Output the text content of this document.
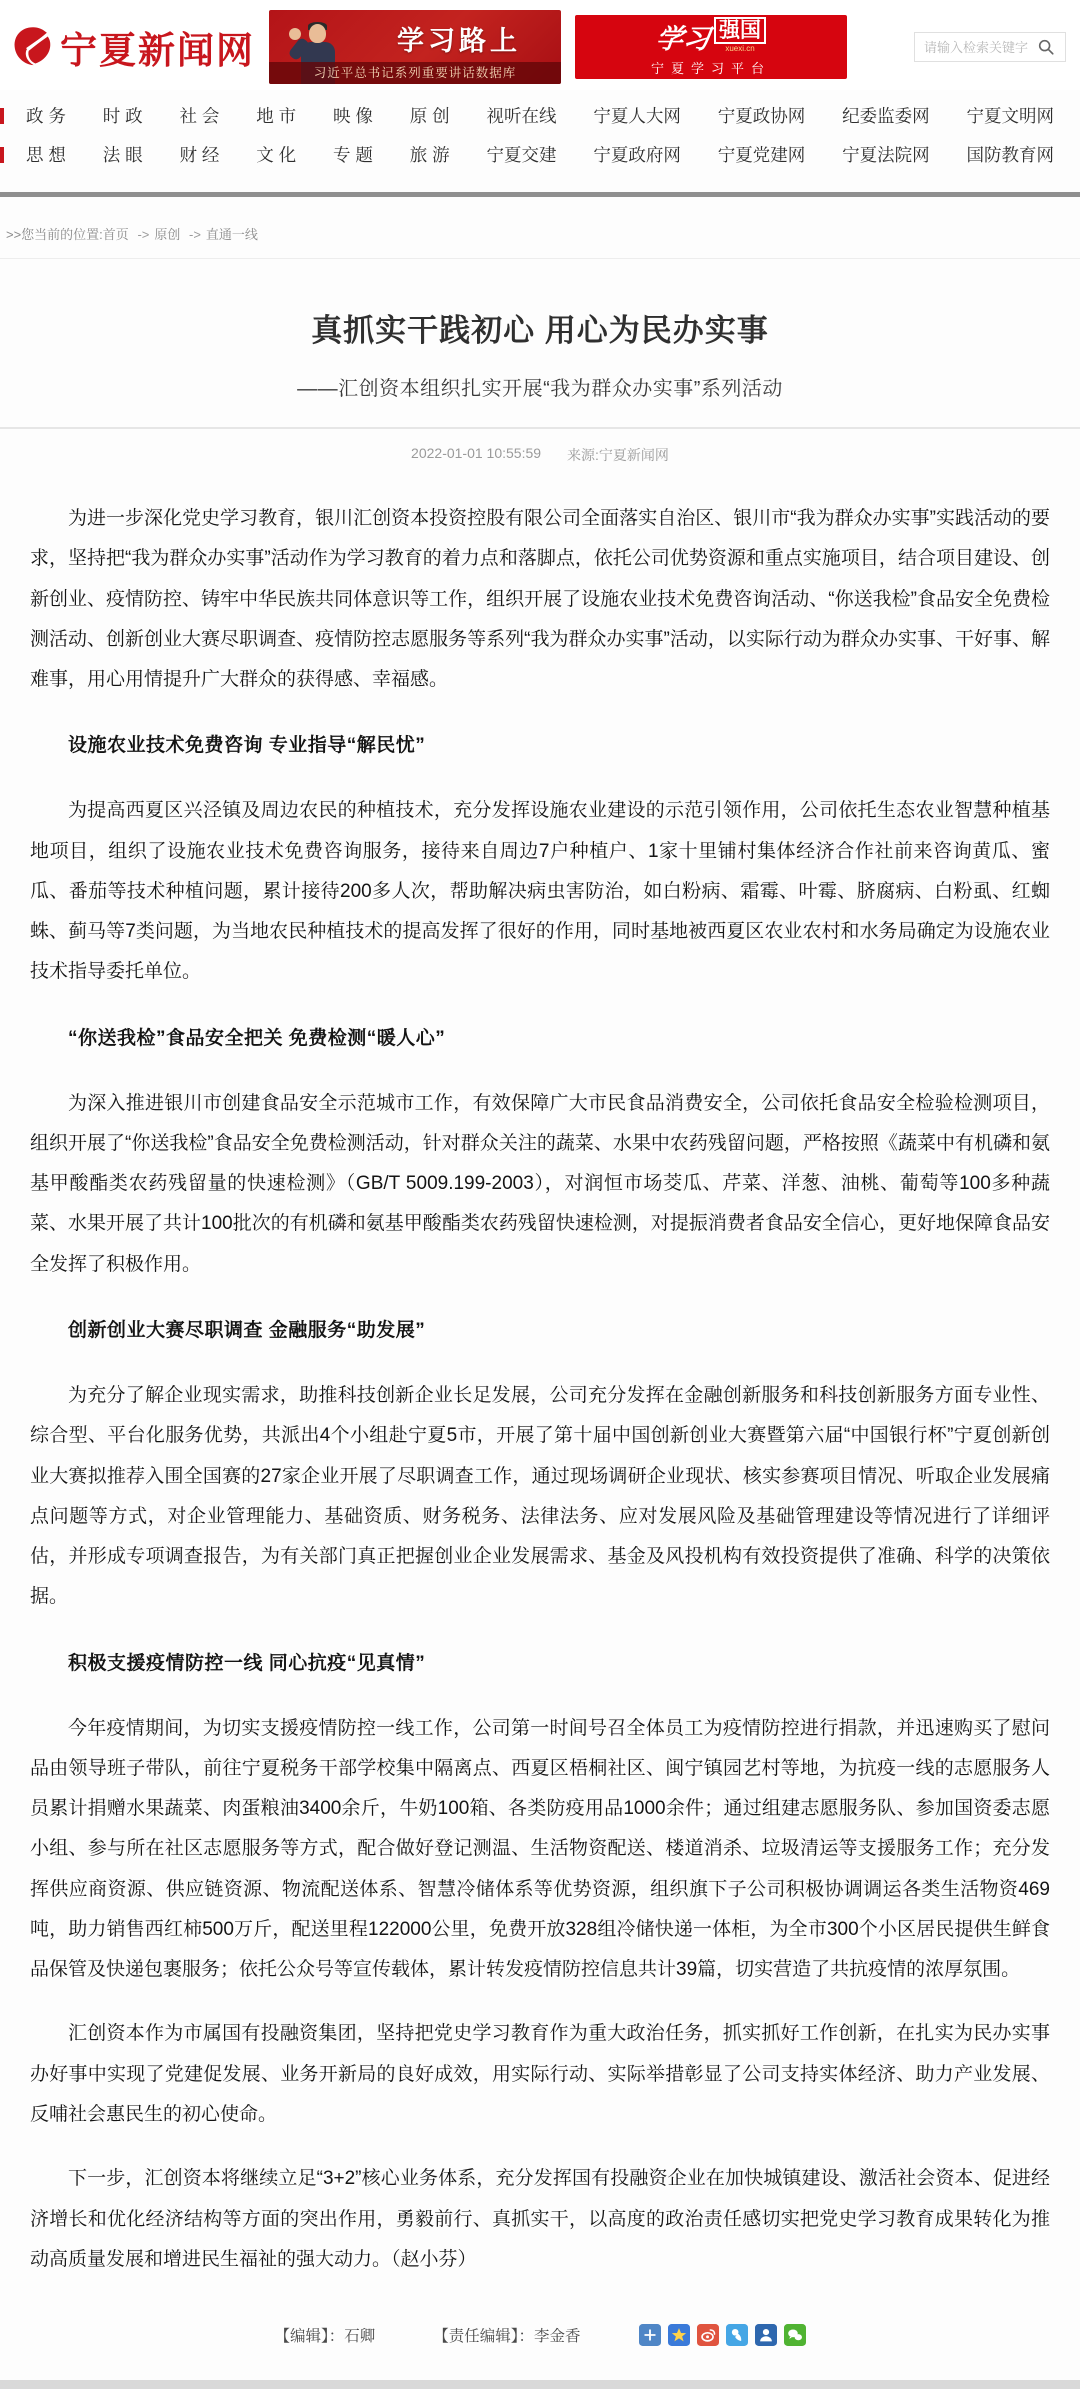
宁夏新闻网	学习路上
习近平总书记系列重要讲话数据库
学习 强国
xuexi.cn
宁夏学习平台
请输入检索关键字
政 务 时 政 社 会 地 市 映 像 原 创 视听在线 宁夏人大网 宁夏政协网 纪委监委网 宁夏文明网
思 想 法 眼 财 经 文 化 专 题 旅 游 宁夏交建 宁夏政府网 宁夏党建网 宁夏法院网 国防教育网
>>您当前的位置:首页 -> 原创 -> 直通一线
真抓实干践初心 用心为民办实事
——汇创资本组织扎实开展“我为群众办实事”系列活动
2022-01-01 10:55:59 来源:宁夏新闻网

为进一步深化党史学习教育，银川汇创资本投资控股有限公司全面落实自治区、银川市“我为群众办实事”实践活动的要求，坚持把“我为群众办实事”活动作为学习教育的着力点和落脚点，依托公司优势资源和重点实施项目，结合项目建设、创新创业、疫情防控、铸牢中华民族共同体意识等工作，组织开展了设施农业技术免费咨询活动、“你送我检”食品安全免费检测活动、创新创业大赛尽职调查、疫情防控志愿服务等系列“我为群众办实事”活动，以实际行动为群众办实事、干好事、解难事，用心用情提升广大群众的获得感、幸福感。

设施农业技术免费咨询 专业指导“解民忧”

为提高西夏区兴泾镇及周边农民的种植技术，充分发挥设施农业建设的示范引领作用，公司依托生态农业智慧种植基地项目，组织了设施农业技术免费咨询服务，接待来自周边7户种植户、1家十里铺村集体经济合作社前来咨询黄瓜、蜜瓜、番茄等技术种植问题，累计接待200多人次，帮助解决病虫害防治，如白粉病、霜霉、叶霉、脐腐病、白粉虱、红蜘蛛、蓟马等7类问题，为当地农民种植技术的提高发挥了很好的作用，同时基地被西夏区农业农村和水务局确定为设施农业技术指导委托单位。

“你送我检”食品安全把关 免费检测“暖人心”

为深入推进银川市创建食品安全示范城市工作，有效保障广大市民食品消费安全，公司依托食品安全检验检测项目，组织开展了“你送我检”食品安全免费检测活动，针对群众关注的蔬菜、水果中农药残留问题，严格按照《蔬菜中有机磷和氨基甲酸酯类农药残留量的快速检测》（GB/T 5009.199-2003），对润恒市场茭瓜、芹菜、洋葱、油桃、葡萄等100多种蔬菜、水果开展了共计100批次的有机磷和氨基甲酸酯类农药残留快速检测，对提振消费者食品安全信心，更好地保障食品安全发挥了积极作用。

创新创业大赛尽职调查 金融服务“助发展”

为充分了解企业现实需求，助推科技创新企业长足发展，公司充分发挥在金融创新服务和科技创新服务方面专业性、综合型、平台化服务优势，共派出4个小组赴宁夏5市，开展了第十届中国创新创业大赛暨第六届“中国银行杯”宁夏创新创业大赛拟推荐入围全国赛的27家企业开展了尽职调查工作，通过现场调研企业现状、核实参赛项目情况、听取企业发展痛点问题等方式，对企业管理能力、基础资质、财务税务、法律法务、应对发展风险及基础管理建设等情况进行了详细评估，并形成专项调查报告，为有关部门真正把握创业企业发展需求、基金及风投机构有效投资提供了准确、科学的决策依据。

积极支援疫情防控一线 同心抗疫“见真情”

今年疫情期间，为切实支援疫情防控一线工作，公司第一时间号召全体员工为疫情防控进行捐款，并迅速购买了慰问品由领导班子带队，前往宁夏税务干部学校集中隔离点、西夏区梧桐社区、闽宁镇园艺村等地，为抗疫一线的志愿服务人员累计捐赠水果蔬菜、肉蛋粮油3400余斤，牛奶100箱、各类防疫用品1000余件；通过组建志愿服务队、参加国资委志愿小组、参与所在社区志愿服务等方式，配合做好登记测温、生活物资配送、楼道消杀、垃圾清运等支援服务工作；充分发挥供应商资源、供应链资源、物流配送体系、智慧冷储体系等优势资源，组织旗下子公司积极协调调运各类生活物资469吨，助力销售西红柿500万斤，配送里程122000公里，免费开放328组冷储快递一体柜，为全市300个小区居民提供生鲜食品保管及快递包裹服务；依托公众号等宣传载体，累计转发疫情防控信息共计39篇，切实营造了共抗疫情的浓厚氛围。

汇创资本作为市属国有投融资集团，坚持把党史学习教育作为重大政治任务，抓实抓好工作创新，在扎实为民办实事办好事中实现了党建促发展、业务开新局的良好成效，用实际行动、实际举措彰显了公司支持实体经济、助力产业发展、反哺社会惠民生的初心使命。

下一步，汇创资本将继续立足“3+2”核心业务体系，充分发挥国有投融资企业在加快城镇建设、激活社会资本、促进经济增长和优化经济结构等方面的突出作用，勇毅前行、真抓实干，以高度的政治责任感切实把党史学习教育成果转化为推动高质量发展和增进民生福祉的强大动力。（赵小芬）

【编辑】： 石卿	【责任编辑】： 李金香
